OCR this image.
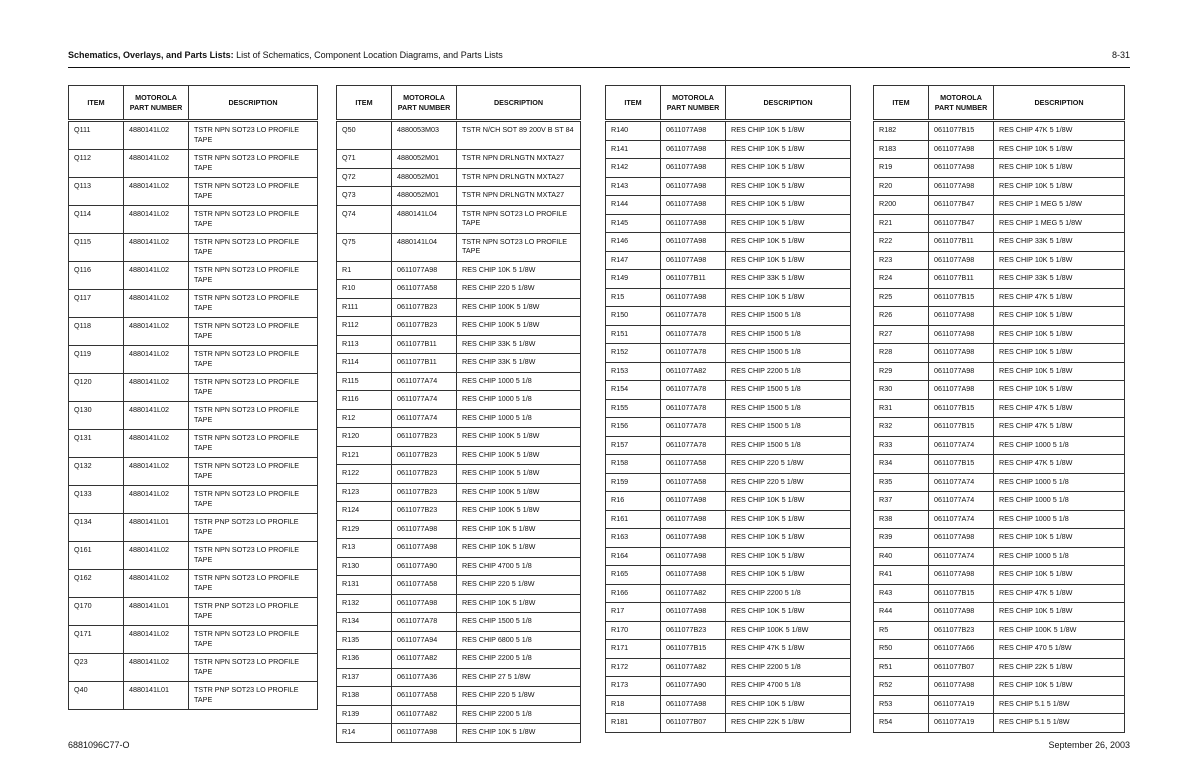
Schematics, Overlays, and Parts Lists: List of Schematics, Component Location Diagrams, and Parts Lists	8-31
ITEM	MOTOROLA PART NUMBER	DESCRIPTION
Q111	4880141L02	TSTR NPN SOT23 LO PROFILE TAPE
Q112	4880141L02	TSTR NPN SOT23 LO PROFILE TAPE
Q113	4880141L02	TSTR NPN SOT23 LO PROFILE TAPE
Q114	4880141L02	TSTR NPN SOT23 LO PROFILE TAPE
Q115	4880141L02	TSTR NPN SOT23 LO PROFILE TAPE
Q116	4880141L02	TSTR NPN SOT23 LO PROFILE TAPE
Q117	4880141L02	TSTR NPN SOT23 LO PROFILE TAPE
Q118	4880141L02	TSTR NPN SOT23 LO PROFILE TAPE
Q119	4880141L02	TSTR NPN SOT23 LO PROFILE TAPE
Q120	4880141L02	TSTR NPN SOT23 LO PROFILE TAPE
Q130	4880141L02	TSTR NPN SOT23 LO PROFILE TAPE
Q131	4880141L02	TSTR NPN SOT23 LO PROFILE TAPE
Q132	4880141L02	TSTR NPN SOT23 LO PROFILE TAPE
Q133	4880141L02	TSTR NPN SOT23 LO PROFILE TAPE
Q134	4880141L01	TSTR PNP SOT23 LO PROFILE TAPE
Q161	4880141L02	TSTR NPN SOT23 LO PROFILE TAPE
Q162	4880141L02	TSTR NPN SOT23 LO PROFILE TAPE
Q170	4880141L01	TSTR PNP SOT23 LO PROFILE TAPE
Q171	4880141L02	TSTR NPN SOT23 LO PROFILE TAPE
Q23	4880141L02	TSTR NPN SOT23 LO PROFILE TAPE
Q40	4880141L01	TSTR PNP SOT23 LO PROFILE TAPE
ITEM	MOTOROLA PART NUMBER	DESCRIPTION
Q50	4880053M03	TSTR N/CH SOT 89 200V B ST 84
Q71	4880052M01	TSTR NPN DRLNGTN MXTA27
Q72	4880052M01	TSTR NPN DRLNGTN MXTA27
Q73	4880052M01	TSTR NPN DRLNGTN MXTA27
Q74	4880141L04	TSTR NPN SOT23 LO PROFILE TAPE
Q75	4880141L04	TSTR NPN SOT23 LO PROFILE TAPE
R1	0611077A98	RES CHIP 10K 5 1/8W
R10	0611077A58	RES CHIP 220 5 1/8W
R111	0611077B23	RES CHIP 100K 5 1/8W
R112	0611077B23	RES CHIP 100K 5 1/8W
R113	0611077B11	RES CHIP 33K 5 1/8W
R114	0611077B11	RES CHIP 33K 5 1/8W
R115	0611077A74	RES CHIP 1000 5 1/8
R116	0611077A74	RES CHIP 1000 5 1/8
R12	0611077A74	RES CHIP 1000 5 1/8
R120	0611077B23	RES CHIP 100K 5 1/8W
R121	0611077B23	RES CHIP 100K 5 1/8W
R122	0611077B23	RES CHIP 100K 5 1/8W
R123	0611077B23	RES CHIP 100K 5 1/8W
R124	0611077B23	RES CHIP 100K 5 1/8W
R129	0611077A98	RES CHIP 10K 5 1/8W
R13	0611077A98	RES CHIP 10K 5 1/8W
R130	0611077A90	RES CHIP 4700 5 1/8
R131	0611077A58	RES CHIP 220 5 1/8W
R132	0611077A98	RES CHIP 10K 5 1/8W
R134	0611077A78	RES CHIP 1500 5 1/8
R135	0611077A94	RES CHIP 6800 5 1/8
R136	0611077A82	RES CHIP 2200 5 1/8
R137	0611077A36	RES CHIP 27 5 1/8W
R138	0611077A58	RES CHIP 220 5 1/8W
R139	0611077A82	RES CHIP 2200 5 1/8
R14	0611077A98	RES CHIP 10K 5 1/8W
ITEM	MOTOROLA PART NUMBER	DESCRIPTION
R140	0611077A98	RES CHIP 10K 5 1/8W
R141	0611077A98	RES CHIP 10K 5 1/8W
R142	0611077A98	RES CHIP 10K 5 1/8W
R143	0611077A98	RES CHIP 10K 5 1/8W
R144	0611077A98	RES CHIP 10K 5 1/8W
R145	0611077A98	RES CHIP 10K 5 1/8W
R146	0611077A98	RES CHIP 10K 5 1/8W
R147	0611077A98	RES CHIP 10K 5 1/8W
R149	0611077B11	RES CHIP 33K 5 1/8W
R15	0611077A98	RES CHIP 10K 5 1/8W
R150	0611077A78	RES CHIP 1500 5 1/8
R151	0611077A78	RES CHIP 1500 5 1/8
R152	0611077A78	RES CHIP 1500 5 1/8
R153	0611077A82	RES CHIP 2200 5 1/8
R154	0611077A78	RES CHIP 1500 5 1/8
R155	0611077A78	RES CHIP 1500 5 1/8
R156	0611077A78	RES CHIP 1500 5 1/8
R157	0611077A78	RES CHIP 1500 5 1/8
R158	0611077A58	RES CHIP 220 5 1/8W
R159	0611077A58	RES CHIP 220 5 1/8W
R16	0611077A98	RES CHIP 10K 5 1/8W
R161	0611077A98	RES CHIP 10K 5 1/8W
R163	0611077A98	RES CHIP 10K 5 1/8W
R164	0611077A98	RES CHIP 10K 5 1/8W
R165	0611077A98	RES CHIP 10K 5 1/8W
R166	0611077A82	RES CHIP 2200 5 1/8
R17	0611077A98	RES CHIP 10K 5 1/8W
R170	0611077B23	RES CHIP 100K 5 1/8W
R171	0611077B15	RES CHIP 47K 5 1/8W
R172	0611077A82	RES CHIP 2200 5 1/8
R173	0611077A90	RES CHIP 4700 5 1/8
R18	0611077A98	RES CHIP 10K 5 1/8W
R181	0611077B07	RES CHIP 22K 5 1/8W
ITEM	MOTOROLA PART NUMBER	DESCRIPTION
R182	0611077B15	RES CHIP 47K 5 1/8W
R183	0611077A98	RES CHIP 10K 5 1/8W
R19	0611077A98	RES CHIP 10K 5 1/8W
R20	0611077A98	RES CHIP 10K 5 1/8W
R200	0611077B47	RES CHIP 1 MEG 5 1/8W
R21	0611077B47	RES CHIP 1 MEG 5 1/8W
R22	0611077B11	RES CHIP 33K 5 1/8W
R23	0611077A98	RES CHIP 10K 5 1/8W
R24	0611077B11	RES CHIP 33K 5 1/8W
R25	0611077B15	RES CHIP 47K 5 1/8W
R26	0611077A98	RES CHIP 10K 5 1/8W
R27	0611077A98	RES CHIP 10K 5 1/8W
R28	0611077A98	RES CHIP 10K 5 1/8W
R29	0611077A98	RES CHIP 10K 5 1/8W
R30	0611077A98	RES CHIP 10K 5 1/8W
R31	0611077B15	RES CHIP 47K 5 1/8W
R32	0611077B15	RES CHIP 47K 5 1/8W
R33	0611077A74	RES CHIP 1000 5 1/8
R34	0611077B15	RES CHIP 47K 5 1/8W
R35	0611077A74	RES CHIP 1000 5 1/8
R37	0611077A74	RES CHIP 1000 5 1/8
R38	0611077A74	RES CHIP 1000 5 1/8
R39	0611077A98	RES CHIP 10K 5 1/8W
R40	0611077A74	RES CHIP 1000 5 1/8
R41	0611077A98	RES CHIP 10K 5 1/8W
R43	0611077B15	RES CHIP 47K 5 1/8W
R44	0611077A98	RES CHIP 10K 5 1/8W
R5	0611077B23	RES CHIP 100K 5 1/8W
R50	0611077A66	RES CHIP 470 5 1/8W
R51	0611077B07	RES CHIP 22K 5 1/8W
R52	0611077A98	RES CHIP 10K 5 1/8W
R53	0611077A19	RES CHIP 5.1 5 1/8W
R54	0611077A19	RES CHIP 5.1 5 1/8W
6881096C77-O	September 26, 2003
